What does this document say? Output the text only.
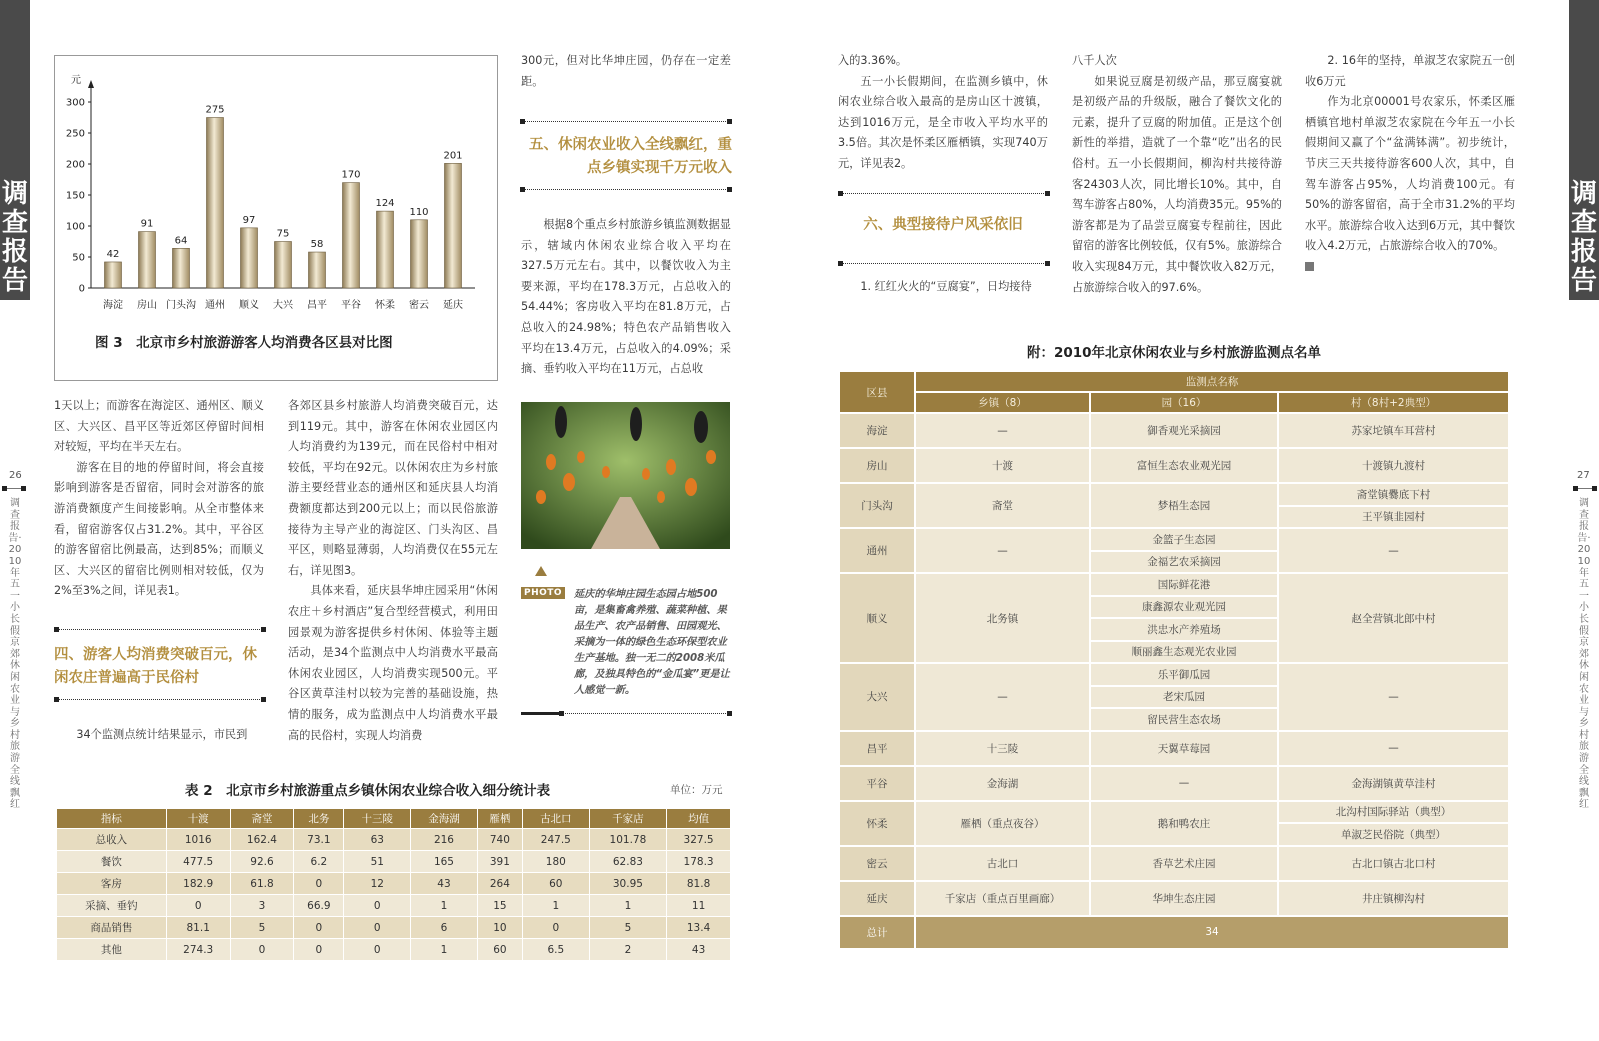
调查报告
调查报告
26	27
调查报告·2010年五一小长假京郊休闲农业与乡村旅游全线飘红
调查报告·2010年五一小长假京郊休闲农业与乡村旅游全线飘红
元
0
50
100
150
200
250
300
42
海淀
91
房山
64
门头沟
275
通州
97
顺义
75
大兴
58
昌平
170
平谷
124
怀柔
110
密云
201
延庆
图 3　北京市乡村旅游游客人均消费各区县对比图

1天以上；而游客在海淀区、通州区、顺义区、大兴区、昌平区等近郊区停留时间相对较短，平均在半天左右。

游客在目的地的停留时间，将会直接影响到游客是否留宿，同时会对游客的旅游消费额度产生间接影响。从全市整体来看，留宿游客仅占31.2%。其中，平谷区的游客留宿比例最高，达到85%；而顺义区、大兴区的留宿比例则相对较低，仅为2%至3%之间，详见表1。

四、游客人均消费突破百元，休闲农庄普遍高于民俗村

34个监测点统计结果显示，市民到

各郊区县乡村旅游人均消费突破百元，达到119元。其中，游客在休闲农业园区内人均消费约为139元，而在民俗村中相对较低，平均在92元。以休闲农庄为乡村旅游主要经营业态的通州区和延庆县人均消费额度都达到200元以上；而以民俗旅游接待为主导产业的海淀区、门头沟区、昌平区，则略显薄弱，人均消费仅在55元左右，详见图3。

具体来看，延庆县华坤庄园采用“休闲农庄＋乡村酒店”复合型经营模式，利用田园景观为游客提供乡村休闲、体验等主题活动，是34个监测点中人均消费水平最高休闲农业园区，人均消费实现500元。平谷区黄草洼村以较为完善的基础设施，热情的服务，成为监测点中人均消费水平最高的民俗村，实现人均消费

300元，但对比华坤庄园，仍存在一定差距。

五、休闲农业收入全线飘红，重点乡镇实现千万元收入

根据8个重点乡村旅游乡镇监测数据显示，辖域内休闲农业综合收入平均在327.5万元左右。其中，以餐饮收入为主要来源，平均在178.3万元，占总收入的54.44%；客房收入平均在81.8万元，占总收入的24.98%；特色农产品销售收入平均在13.4万元，占总收入的4.09%；采摘、垂钓收入平均在11万元，占总收

PHOTO 延庆的华坤庄园生态园占地500亩，是集畜禽养殖、蔬菜种植、果品生产、农产品销售、田园观光、采摘为一体的绿色生态环保型农业生产基地。独一无二的2008米瓜廊，及独具特色的“金瓜宴”更是让人感觉一新。
表 2　北京市乡村旅游重点乡镇休闲农业综合收入细分统计表	单位：万元
指标	十渡	斋堂	北务	十三陵	金海湖	雁栖	古北口	千家店	均值
总收入	1016	162.4	73.1	63	216	740	247.5	101.78	327.5
餐饮	477.5	92.6	6.2	51	165	391	180	62.83	178.3
客房	182.9	61.8	0	12	43	264	60	30.95	81.8
采摘、垂钓	0	3	66.9	0	1	15	1	1	11
商品销售	81.1	5	0	0	6	10	0	5	13.4
其他	274.3	0	0	0	1	60	6.5	2	43

入的3.36%。

五一小长假期间，在监测乡镇中，休闲农业综合收入最高的是房山区十渡镇，达到1016万元，是全市收入平均水平的3.5倍。其次是怀柔区雁栖镇，实现740万元，详见表2。

六、典型接待户风采依旧

1. 红红火火的“豆腐宴”，日均接待

八千人次

如果说豆腐是初级产品，那豆腐宴就是初级产品的升级版，融合了餐饮文化的元素，提升了豆腐的附加值。正是这个创新性的举措，造就了一个靠“吃”出名的民俗村。五一小长假期间，柳沟村共接待游客24303人次，同比增长10%。其中，自驾车游客占80%，人均消费35元。95%的游客都是为了品尝豆腐宴专程前往，因此留宿的游客比例较低，仅有5%。旅游综合收入实现84万元，其中餐饮收入82万元，占旅游综合收入的97.6%。

2. 16年的坚持，单淑芝农家院五一创收6万元

作为北京00001号农家乐，怀柔区雁栖镇官地村单淑芝农家院在今年五一小长假期间又赢了个“盆满钵满”。初步统计，节庆三天共接待游客600人次，其中，自驾车游客占95%，人均消费100元。有50%的游客留宿，高于全市31.2%的平均水平。旅游综合收入达到6万元，其中餐饮收入4.2万元，占旅游综合收入的70%。

附：2010年北京休闲农业与乡村旅游监测点名单
区县	监测点名称		
	乡镇（8）	园（16）	村（8村+2典型）
海淀	—	御香观光采摘园	苏家坨镇车耳营村
房山	十渡	富恒生态农业观光园	十渡镇九渡村
门头沟	斋堂	梦梧生态园	斋堂镇爨底下村
			王平镇韭园村
通州	—	金篮子生态园	—
		金福艺农采摘园	
顺义	北务镇	国际鲜花港	赵全营镇北郎中村
		康鑫源农业观光园	
		洪忠水产养殖场	
		顺丽鑫生态观光农业园	
大兴	—	乐平御瓜园	—
		老宋瓜园	
		留民营生态农场	
昌平	十三陵	天翼草莓园	—
平谷	金海湖	—	金海湖镇黄草洼村
怀柔	雁栖（重点夜谷）	鹅和鸭农庄	北沟村国际驿站（典型）
			单淑芝民俗院（典型）
密云	古北口	香草艺术庄园	古北口镇古北口村
延庆	千家店（重点百里画廊）	华坤生态庄园	井庄镇柳沟村
总计	34		
